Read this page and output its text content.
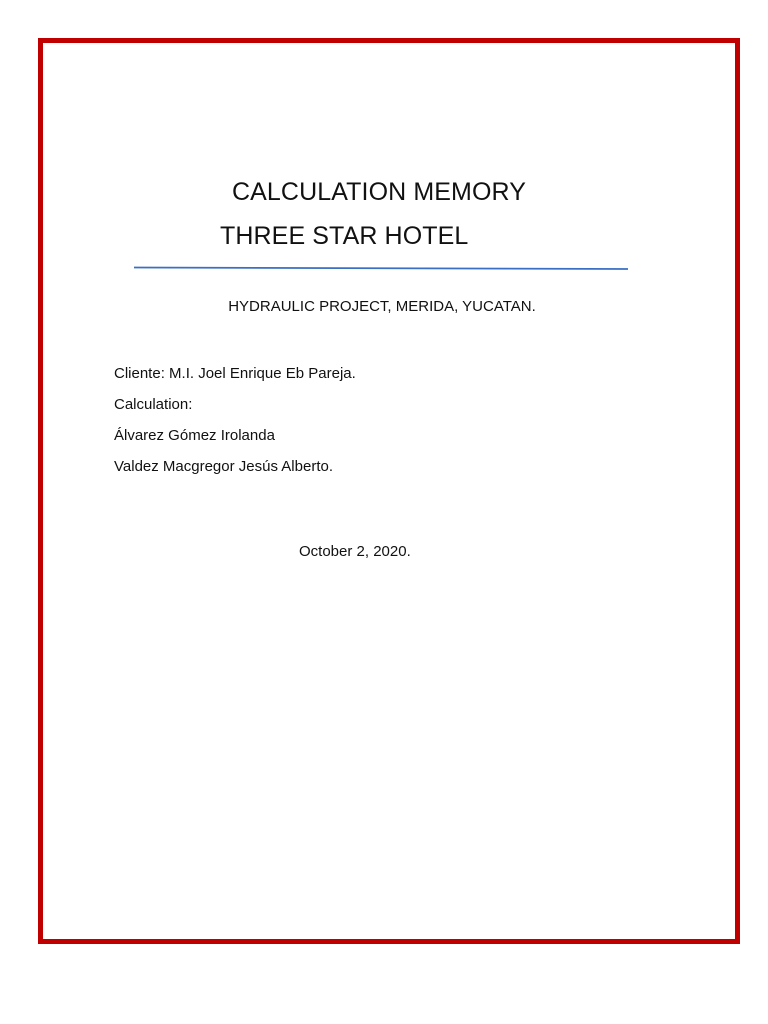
CALCULATION MEMORY
THREE STAR HOTEL
HYDRAULIC PROJECT, MERIDA, YUCATAN.
Cliente: M.I. Joel Enrique Eb Pareja.
Calculation:
Álvarez Gómez Irolanda
Valdez Macgregor Jesús Alberto.
October 2, 2020.
